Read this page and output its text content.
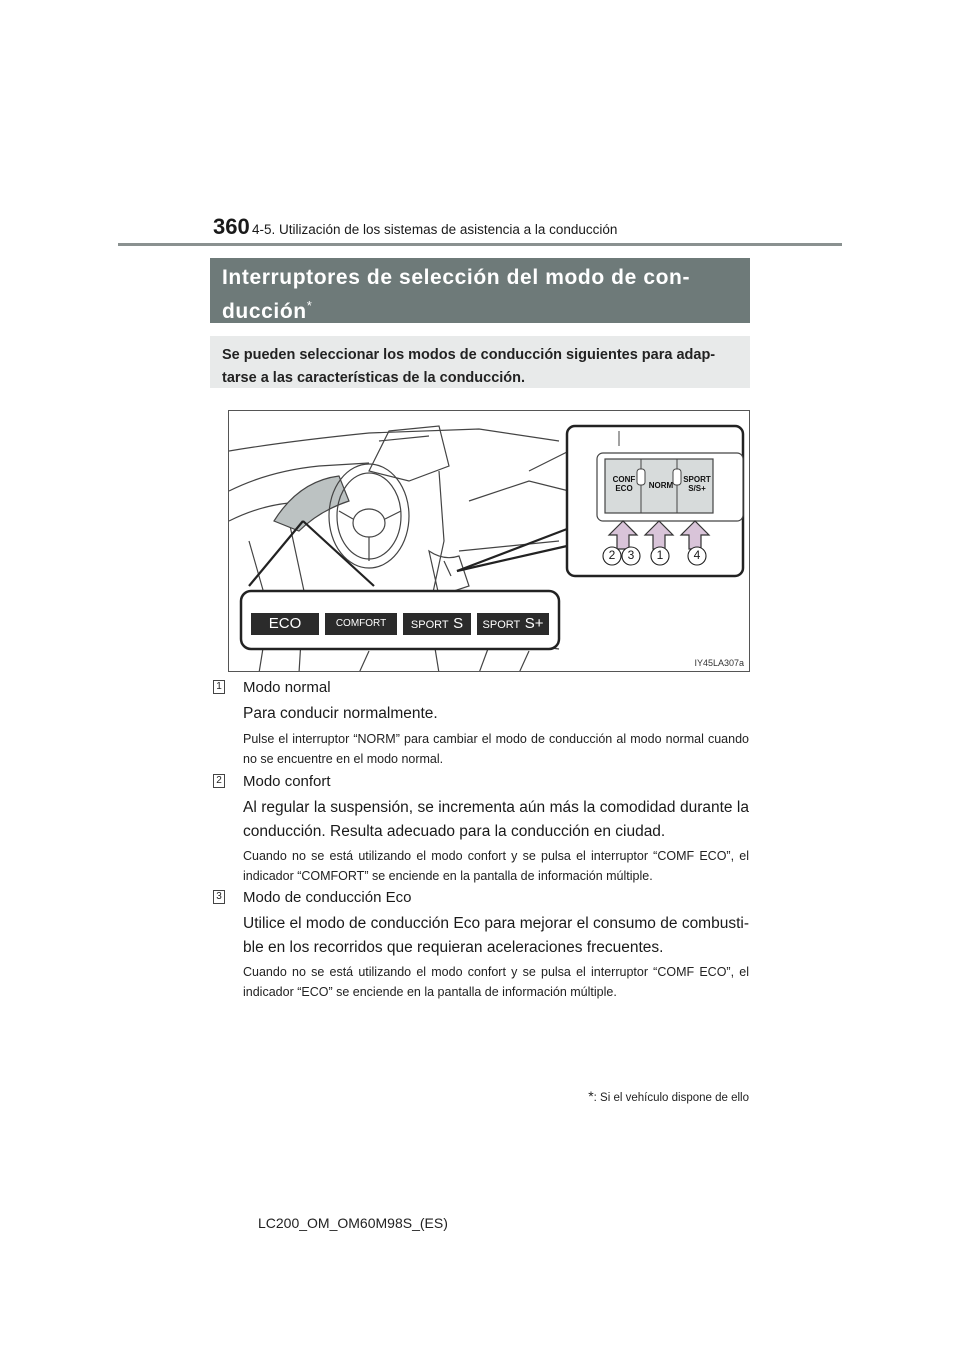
360 4-5. Utilización de los sistemas de asistencia a la conducción
Interruptores de selección del modo de con-
ducción*
Se pueden seleccionar los modos de conducción siguientes para adap-tarse a las características de la conducción.
CONF
ECO	NORM
SPORT
S/S+
2	3	1	4
ECO	COMFORT	SPORT S	SPORT S+
IY45LA307a
1 Modo normal
Para conducir normalmente.
Pulse el interruptor “NORM” para cambiar el modo de conducción al modo normal cuando no se encuentre en el modo normal.
2 Modo confort
Al regular la suspensión, se incrementa aún más la comodidad durante la conducción. Resulta adecuado para la conducción en ciudad.
Cuando no se está utilizando el modo confort y se pulsa el interruptor “COMF ECO”, el indicador “COMFORT” se enciende en la pantalla de información múltiple.
3 Modo de conducción Eco
Utilice el modo de conducción Eco para mejorar el consumo de combusti-ble en los recorridos que requieran aceleraciones frecuentes.
Cuando no se está utilizando el modo confort y se pulsa el interruptor “COMF ECO”, el indicador “ECO” se enciende en la pantalla de información múltiple.
*: Si el vehículo dispone de ello
LC200_OM_OM60M98S_(ES)
